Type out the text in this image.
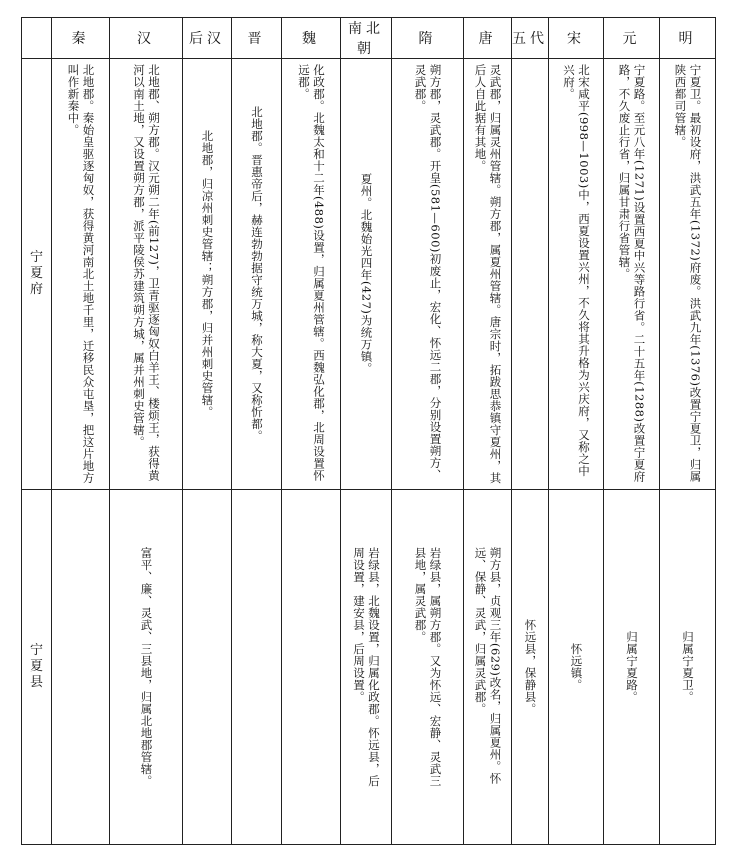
	秦	汉	后汉	晋	魏	南北朝	隋	唐	五代	宋	元	明
宁夏府	北地郡。秦始皇驱逐匈奴，获得黄河南北土地千里，迁移民众屯垦，把这片地方叫作新秦中。	北地郡、朔方郡。汉元朔二年(前127)，卫青驱逐匈奴白羊王、楼烦王，获得黄河以南土地，又设置朔方郡，派平陵侯苏建筑朔方城，属并州刺史管辖。	北地郡，归凉州刺史管辖；朔方郡，归并州刺史管辖。	北地郡。晋惠帝后，赫连勃勃据守统万城，称大夏，又称忻都。	化政郡。北魏太和十二年(488)设置，归属夏州管辖。西魏弘化郡，北周设置怀远郡。	夏州。北魏始光四年(427)为统万镇。	朔方郡，灵武郡。开皇(581—600)初废止，宏化、怀远二郡，分别设置朔方、灵武郡。	灵武郡，归属灵州管辖。朔方郡，属夏州管辖。唐宗时，拓跋思恭镇守夏州，其后人自此据有其地。		北宋咸平(998—1003)中，西夏设置兴州，不久将其升格为兴庆府，又称之中兴府。	宁夏路。至元八年(1271)设置西夏中兴等路行省。二十五年(1288)改置宁夏府路，不久废止行省，归属甘肃行省管辖。	宁夏卫。最初设府，洪武五年(1372)府废。洪武九年(1376)改置宁夏卫，归属陕西都司管辖。

宁夏县		富平、廉、灵武、三县地，归属北地郡管辖。				岩绿县，北魏设置，归属化政郡。怀远县，后周设置，建安县，后周设置。	岩绿县，属朔方郡。又为怀远、宏静、灵武三县地，属灵武郡。	朔方县，贞观三年(629)改名，归属夏州。怀远、保静、灵武，归属灵武郡。	怀远县，保静县。	怀远镇。	归属宁夏路。	归属宁夏卫。
